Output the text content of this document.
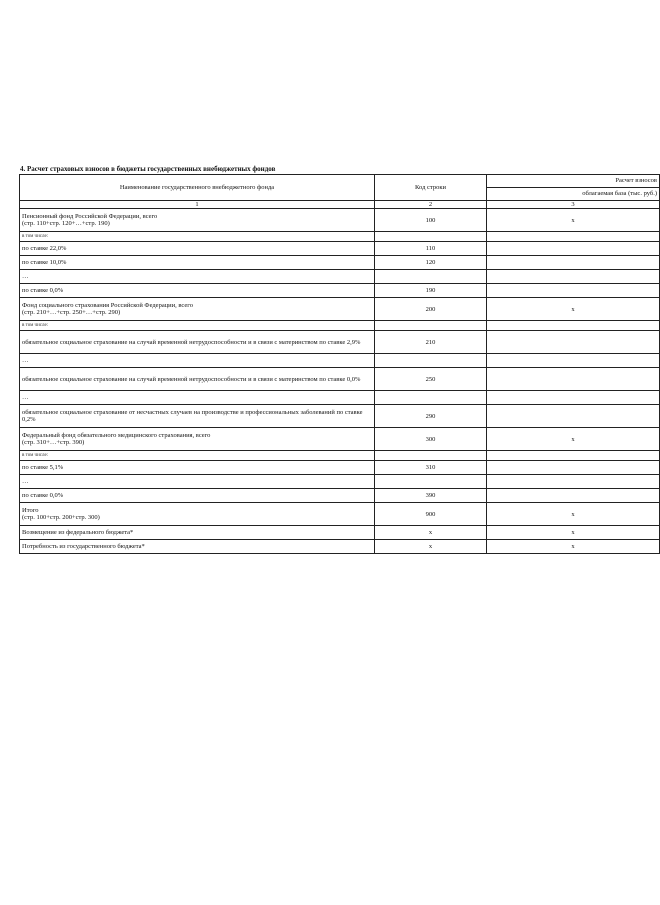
4. Расчет страховых взносов в бюджеты государственных внебюджетных фондов
Наименование государственного внебюджетного фонда	Код строки	Расчет взносов
		облагаемая база (тыс. руб.)
1	2	3
Пенсионный фонд Российской Федерации, всего
(стр. 110+стр. 120+…+стр. 190)	100	х
в том числе:		
по ставке 22,0%	110	
по ставке 10,0%	120	
…		
по ставке 0,0%	190	
Фонд социального страхования Российской Федерации, всего
(стр. 210+…+стр. 250+…+стр. 290)	200	х
в том числе:		
обязательное социальное страхование на случай временной нетрудоспособности и в связи с материнством по ставке 2,9%	210	
…		
обязательное социальное страхование на случай временной нетрудоспособности и в связи с материнством по ставке 0,0%	250	
…		
обязательное социальное страхование от несчастных случаев на производстве и профессиональных заболеваний по ставке 0,2%	290	
Федеральный фонд обязательного медицинского страхования, всего
(стр. 310+…+стр. 390)	300	х
в том числе:		
по ставке 5,1%	310	
…		
по ставке 0,0%	390	
Итого
(стр. 100+стр. 200+стр. 300)	900	х
Возмещение из федерального бюджета*	х	х
Потребность из государственного бюджета*	х	х
